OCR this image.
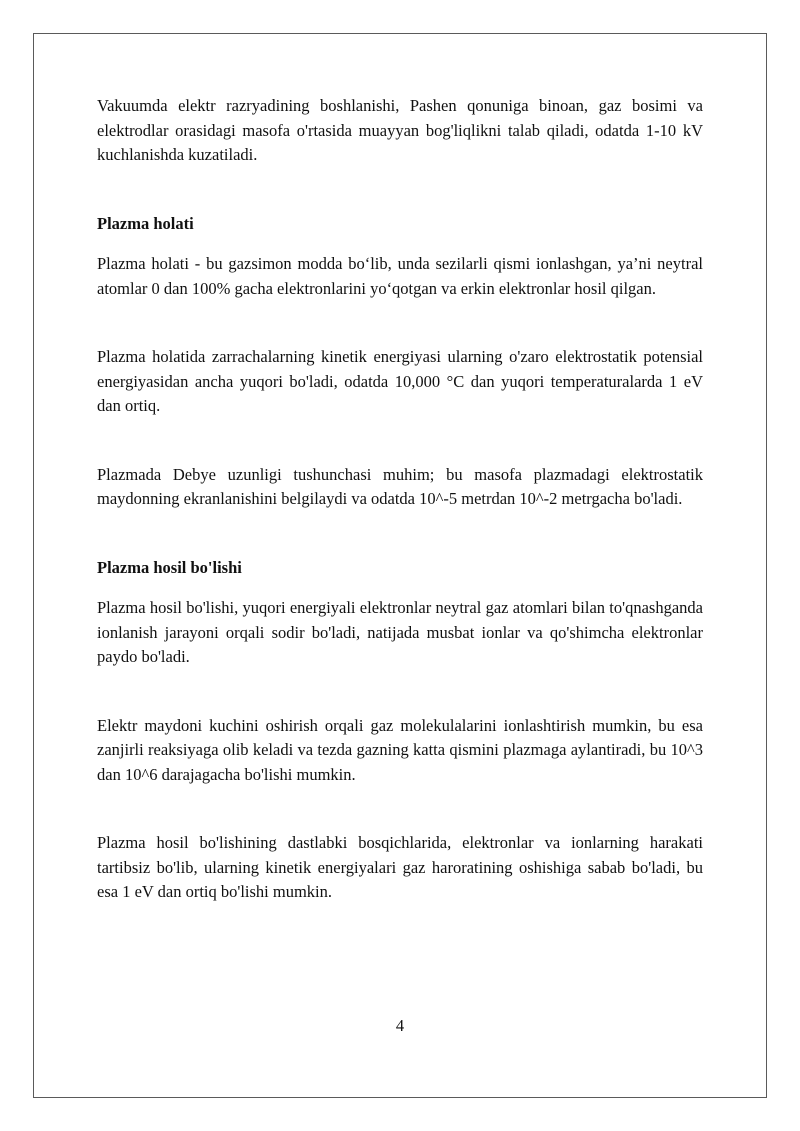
Vakuumda elektr razryadining boshlanishi, Pashen qonuniga binoan, gaz bosimi va elektrodlar orasidagi masofa o'rtasida muayyan bog'liqlikni talab qiladi, odatda 1-10 kV kuchlanishda kuzatiladi.

Plazma holati

Plazma holati - bu gazsimon modda bo‘lib, unda sezilarli qismi ionlashgan, ya’ni neytral atomlar 0 dan 100% gacha elektronlarini yo‘qotgan va erkin elektronlar hosil qilgan.

Plazma holatida zarrachalarning kinetik energiyasi ularning o'zaro elektrostatik potensial energiyasidan ancha yuqori bo'ladi, odatda 10,000 °C dan yuqori temperaturalarda 1 eV dan ortiq.

Plazmada Debye uzunligi tushunchasi muhim; bu masofa plazmadagi elektrostatik maydonning ekranlanishini belgilaydi va odatda 10^-5 metrdan 10^-2 metrgacha bo'ladi.

Plazma hosil bo'lishi

Plazma hosil bo'lishi, yuqori energiyali elektronlar neytral gaz atomlari bilan to'qnashganda ionlanish jarayoni orqali sodir bo'ladi, natijada musbat ionlar va qo'shimcha elektronlar paydo bo'ladi.

Elektr maydoni kuchini oshirish orqali gaz molekulalarini ionlashtirish mumkin, bu esa zanjirli reaksiyaga olib keladi va tezda gazning katta qismini plazmaga aylantiradi, bu 10^3 dan 10^6 darajagacha bo'lishi mumkin.

Plazma hosil bo'lishining dastlabki bosqichlarida, elektronlar va ionlarning harakati tartibsiz bo'lib, ularning kinetik energiyalari gaz haroratining oshishiga sabab bo'ladi, bu esa 1 eV dan ortiq bo'lishi mumkin.

4
